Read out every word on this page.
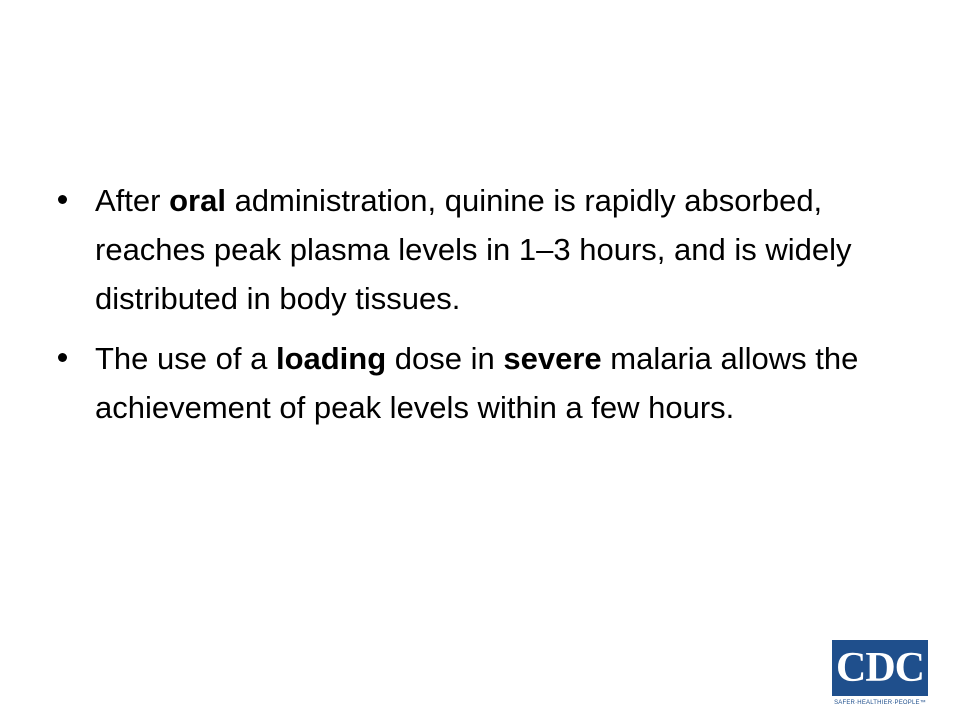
After oral administration, quinine is rapidly absorbed, reaches peak plasma levels in 1–3 hours, and is widely distributed in body tissues.
The use of a loading dose in severe malaria allows the achievement of peak levels within a few hours.
CDC
SAFER·HEALTHIER·PEOPLE™
